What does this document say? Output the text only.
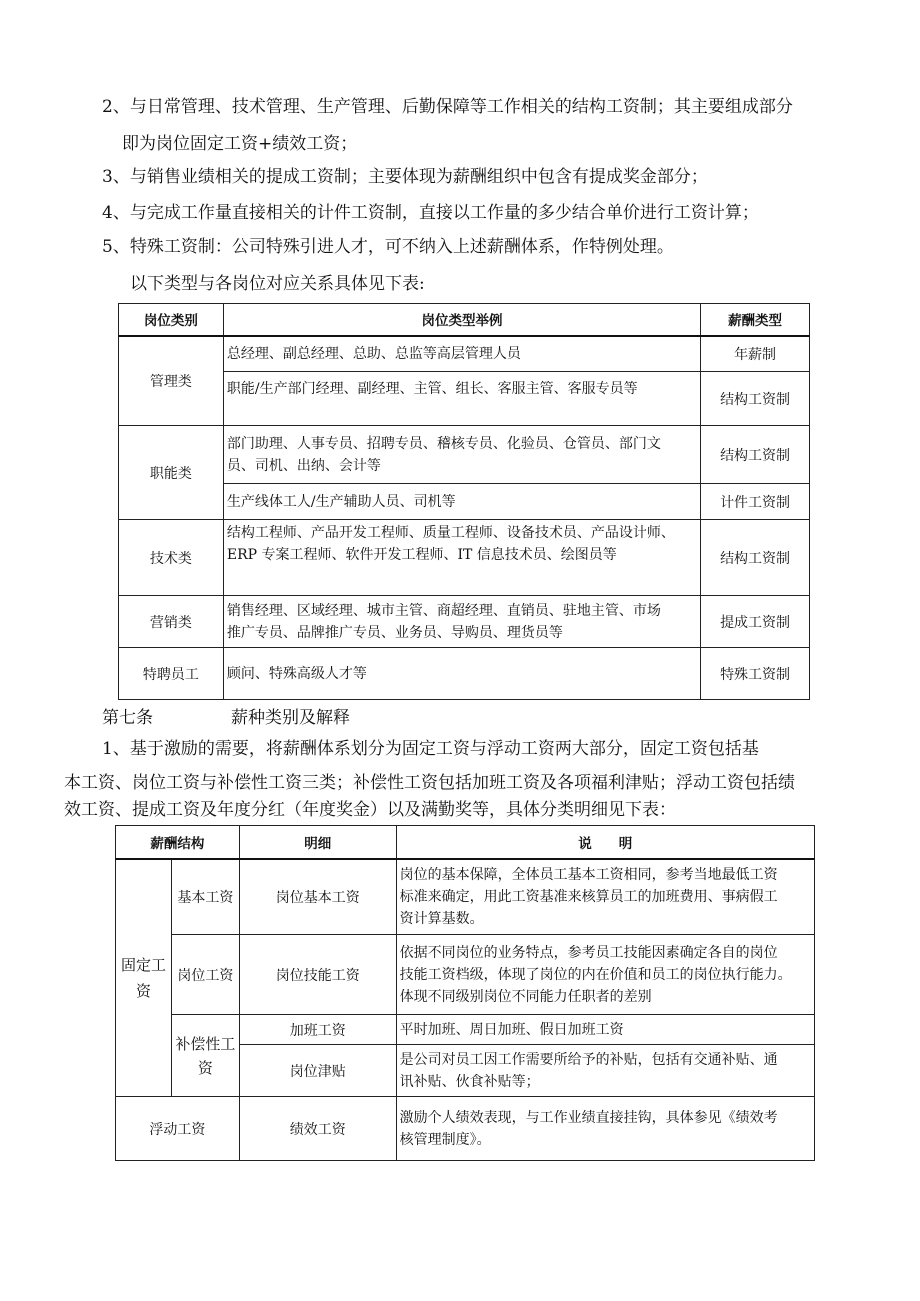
2、与日常管理、技术管理、生产管理、后勤保障等工作相关的结构工资制；其主要组成部分
即为岗位固定工资+绩效工资；
3、与销售业绩相关的提成工资制；主要体现为薪酬组织中包含有提成奖金部分；
4、与完成工作量直接相关的计件工资制，直接以工作量的多少结合单价进行工资计算；
5、特殊工资制：公司特殊引进人才，可不纳入上述薪酬体系，作特例处理。
以下类型与各岗位对应关系具体见下表:
岗位类别	岗位类型举例	薪酬类型
管理类	总经理、副总经理、总助、总监等高层管理人员	年薪制
	职能/生产部门经理、副经理、主管、组长、客服主管、客服专员等	结构工资制
职能类	部门助理、人事专员、招聘专员、稽核专员、化验员、仓管员、部门文
员、司机、出纳、会计等	结构工资制
	生产线体工人/生产辅助人员、司机等	计件工资制
技术类	结构工程师、产品开发工程师、质量工程师、设备技术员、产品设计师、
ERP 专案工程师、软件开发工程师、IT 信息技术员、绘图员等	结构工资制
营销类	销售经理、区域经理、城市主管、商超经理、直销员、驻地主管、市场
推广专员、品牌推广专员、业务员、导购员、理货员等	提成工资制
特聘员工	顾问、特殊高级人才等	特殊工资制
第七条	薪种类别及解释
1、基于激励的需要，将薪酬体系划分为固定工资与浮动工资两大部分，固定工资包括基
本工资、岗位工资与补偿性工资三类；补偿性工资包括加班工资及各项福利津贴；浮动工资包括绩
效工资、提成工资及年度分红（年度奖金）以及满勤奖等，具体分类明细见下表：
薪酬结构		明细	说　　明
固定工资	基本工资	岗位基本工资	岗位的基本保障，全体员工基本工资相同，参考当地最低工资
标准来确定，用此工资基准来核算员工的加班费用、事病假工
资计算基数。

	岗位工资	岗位技能工资	依据不同岗位的业务特点，参考员工技能因素确定各自的岗位
技能工资档级，体现了岗位的内在价值和员工的岗位执行能力。
体现不同级别岗位不同能力任职者的差别

	补偿性工资	加班工资	平时加班、周日加班、假日加班工资
		岗位津贴	是公司对员工因工作需要所给予的补贴，包括有交通补贴、通
讯补贴、伙食补贴等；

浮动工资		绩效工资	激励个人绩效表现，与工作业绩直接挂钩，具体参见《绩效考
核管理制度》。
